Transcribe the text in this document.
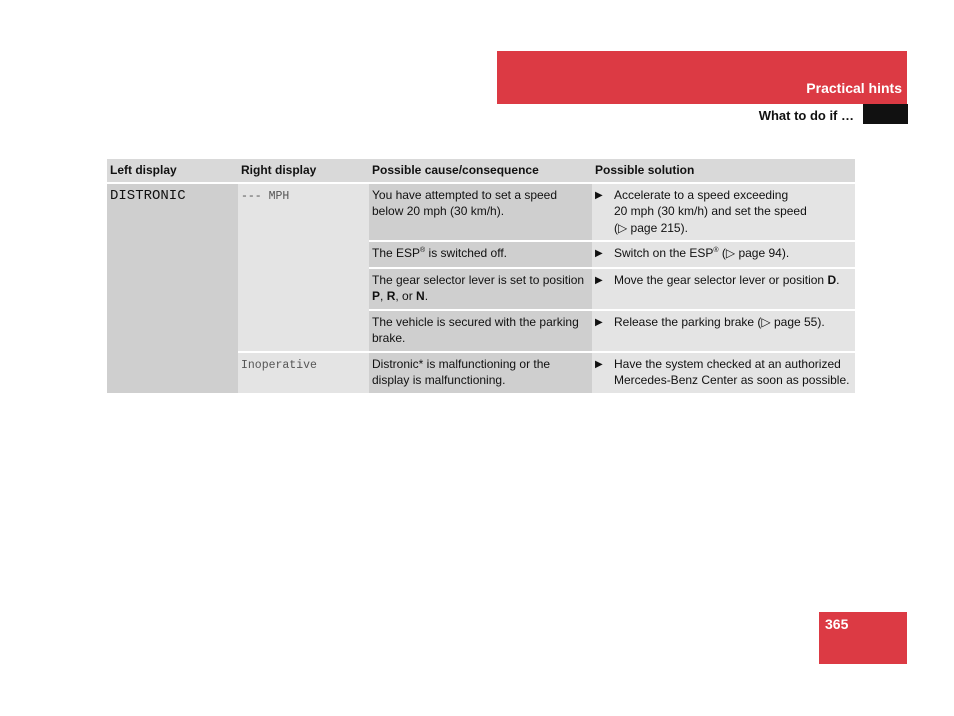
Practical hints
What to do if …
Left display	Right display	Possible cause/consequence	Possible solution
DISTRONIC	--- MPH	You have attempted to set a speed below 20 mph (30 km/h).	▶ Accelerate to a speed exceeding
20 mph (30 km/h) and set the speed
(▷ page 215).

		The ESP® is switched off.	▶ Switch on the ESP® (▷ page 94).

		The gear selector lever is set to position P, R, or N.	▶ Move the gear selector lever or position D.

		The vehicle is secured with the parking brake.	▶ Release the parking brake (▷ page 55).

	Inoperative	Distronic* is malfunctioning or the display is malfunctioning.	▶ Have the system checked at an authorized Mercedes-Benz Center as soon as possible.
365
